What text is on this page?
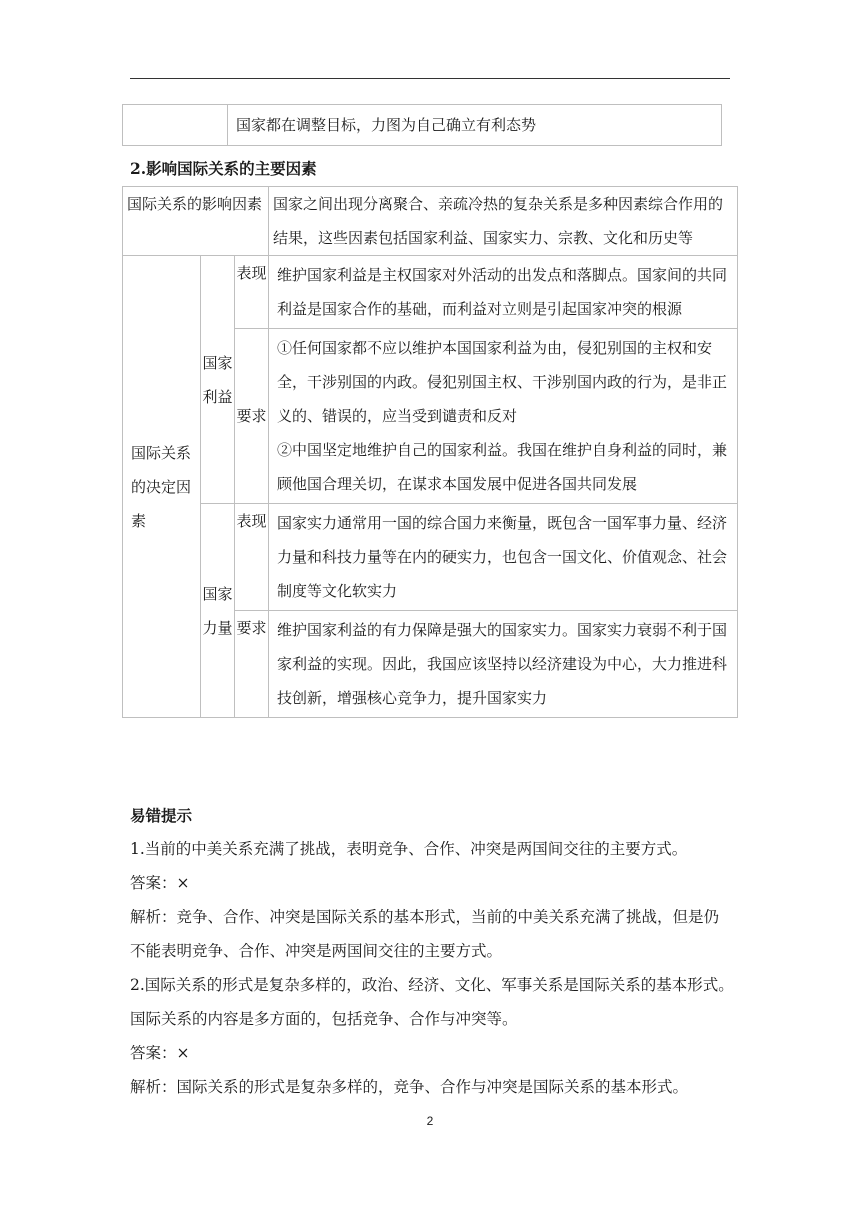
	国家都在调整目标，力图为自己确立有利态势
2.影响国际关系的主要因素
国际关系的影响因素			国家之间出现分离聚合、亲疏冷热的复杂关系是多种因素综合作用的结果，这些因素包括国家利益、国家实力、宗教、文化和历史等
国际关系的决定因素	国家利益	表现	维护国家利益是主权国家对外活动的出发点和落脚点。国家间的共同利益是国家合作的基础，而利益对立则是引起国家冲突的根源
		要求	①任何国家都不应以维护本国国家利益为由，侵犯别国的主权和安全，干涉别国的内政。侵犯别国主权、干涉别国内政的行为，是非正义的、错误的，应当受到谴责和反对
②中国坚定地维护自己的国家利益。我国在维护自身利益的同时，兼顾他国合理关切，在谋求本国发展中促进各国共同发展

	国家力量	表现	国家实力通常用一国的综合国力来衡量，既包含一国军事力量、经济力量和科技力量等在内的硬实力，也包含一国文化、价值观念、社会制度等文化软实力
		要求	维护国家利益的有力保障是强大的国家实力。国家实力衰弱不利于国家利益的实现。因此，我国应该坚持以经济建设为中心，大力推进科技创新，增强核心竞争力，提升国家实力

易错提示

1.当前的中美关系充满了挑战，表明竞争、合作、冲突是两国间交往的主要方式。

答案：×

解析：竞争、合作、冲突是国际关系的基本形式，当前的中美关系充满了挑战，但是仍不能表明竞争、合作、冲突是两国间交往的主要方式。

2.国际关系的形式是复杂多样的，政治、经济、文化、军事关系是国际关系的基本形式。国际关系的内容是多方面的，包括竞争、合作与冲突等。

答案：×

解析：国际关系的形式是复杂多样的，竞争、合作与冲突是国际关系的基本形式。

2
